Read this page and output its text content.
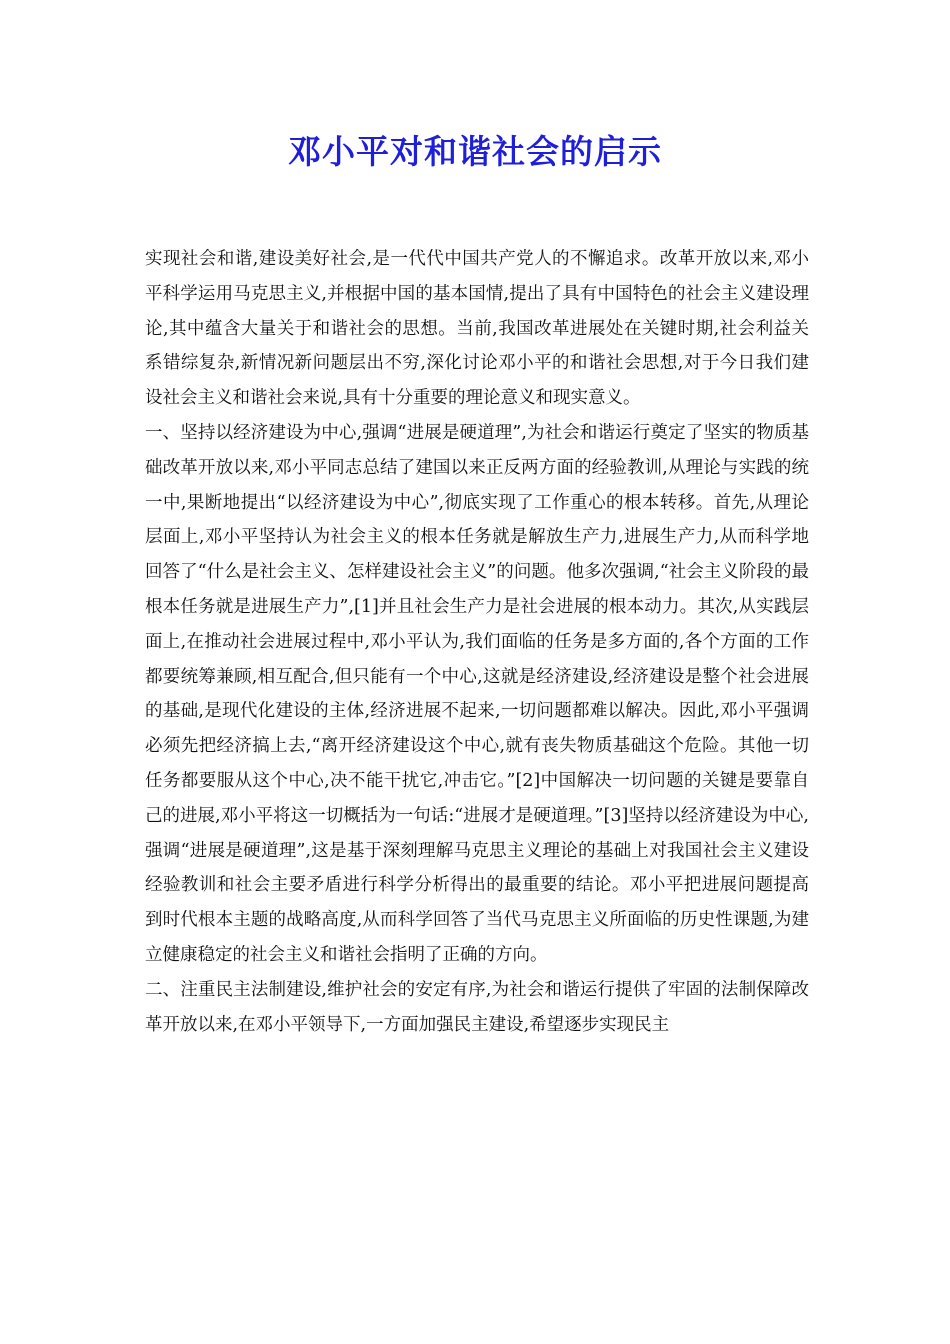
邓小平对和谐社会的启示

实现社会和谐,建设美好社会,是一代代中国共产党人的不懈追求。改革开放以来,邓小平科学运用马克思主义,并根据中国的基本国情,提出了具有中国特色的社会主义建设理论,其中蕴含大量关于和谐社会的思想。当前,我国改革进展处在关键时期,社会利益关系错综复杂,新情况新问题层出不穷,深化讨论邓小平的和谐社会思想,对于今日我们建设社会主义和谐社会来说,具有十分重要的理论意义和现实意义。

一、坚持以经济建设为中心,强调“进展是硬道理”,为社会和谐运行奠定了坚实的物质基础改革开放以来,邓小平同志总结了建国以来正反两方面的经验教训,从理论与实践的统一中,果断地提出“以经济建设为中心”,彻底实现了工作重心的根本转移。首先,从理论层面上,邓小平坚持认为社会主义的根本任务就是解放生产力,进展生产力,从而科学地回答了“什么是社会主义、怎样建设社会主义”的问题。他多次强调,“社会主义阶段的最根本任务就是进展生产力”,[1]并且社会生产力是社会进展的根本动力。其次,从实践层面上,在推动社会进展过程中,邓小平认为,我们面临的任务是多方面的,各个方面的工作都要统筹兼顾,相互配合,但只能有一个中心,这就是经济建设,经济建设是整个社会进展的基础,是现代化建设的主体,经济进展不起来,一切问题都难以解决。因此,邓小平强调必须先把经济搞上去,“离开经济建设这个中心,就有丧失物质基础这个危险。其他一切任务都要服从这个中心,决不能干扰它,冲击它。”[2]中国解决一切问题的关键是要靠自己的进展,邓小平将这一切概括为一句话:“进展才是硬道理。”[3]坚持以经济建设为中心,强调“进展是硬道理”,这是基于深刻理解马克思主义理论的基础上对我国社会主义建设经验教训和社会主要矛盾进行科学分析得出的最重要的结论。邓小平把进展问题提高到时代根本主题的战略高度,从而科学回答了当代马克思主义所面临的历史性课题,为建立健康稳定的社会主义和谐社会指明了正确的方向。

二、注重民主法制建设,维护社会的安定有序,为社会和谐运行提供了牢固的法制保障改革开放以来,在邓小平领导下,一方面加强民主建设,希望逐步实现民主
